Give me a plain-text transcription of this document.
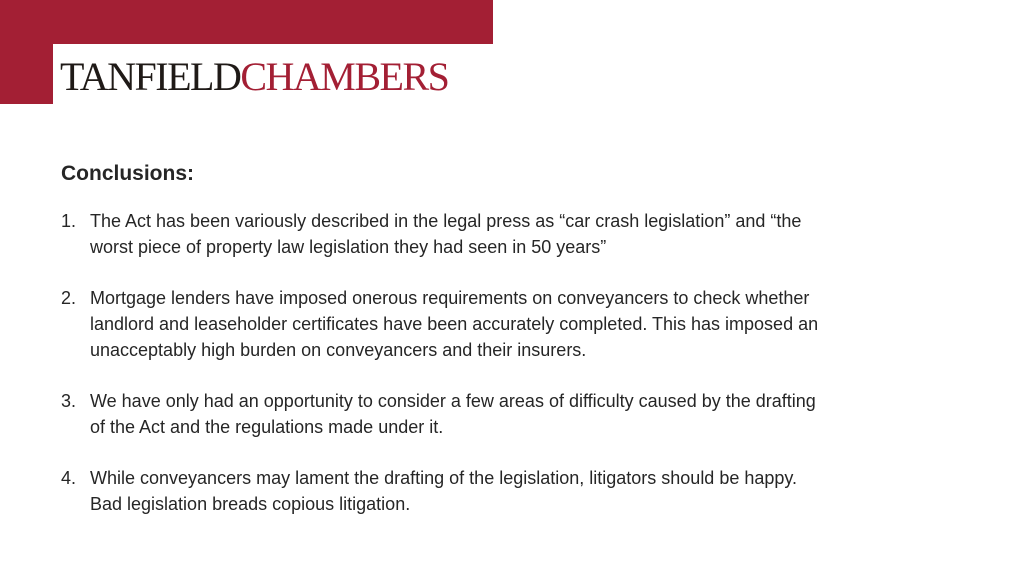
TANFIELDCHAMBERS
Conclusions:
1. The Act has been variously described in the legal press as “car crash legislation” and “the
worst piece of property law legislation they had seen in 50 years”
2. Mortgage lenders have imposed onerous requirements on conveyancers to check whether
landlord and leaseholder certificates have been accurately completed. This has imposed an
unacceptably high burden on conveyancers and their insurers.
3. We have only had an opportunity to consider a few areas of difficulty caused by the drafting
of the Act and the regulations made under it.
4. While conveyancers may lament the drafting of the legislation, litigators should be happy.
Bad legislation breads copious litigation.
